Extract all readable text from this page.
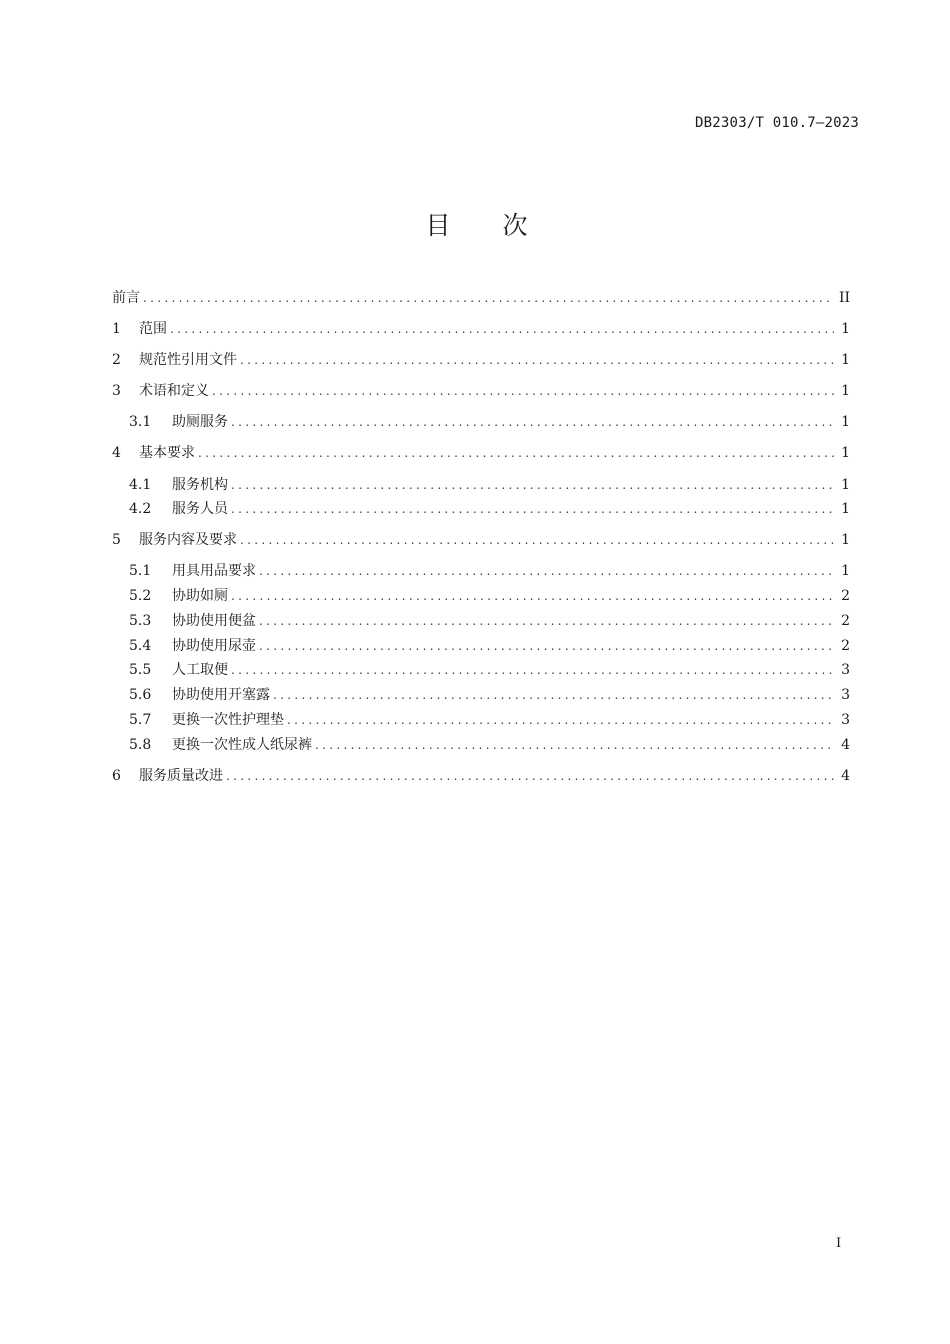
DB2303/T 010.7—2023
目 次
前言 .....	II
1	范围 .....	1
2	规范性引用文件 .....	1
3	术语和定义 .....	1
3.1	助厕服务 .....	1
4	基本要求 .....	1
4.1	服务机构 .....	1
4.2	服务人员 .....	1
5	服务内容及要求 .....	1
5.1	用具用品要求 .....	1
5.2	协助如厕 .....	2
5.3	协助使用便盆 .....	2
5.4	协助使用尿壶 .....	2
5.5	人工取便 .....	3
5.6	协助使用开塞露 .....	3
5.7	更换一次性护理垫 .....	3
5.8	更换一次性成人纸尿裤 .....	4
6	服务质量改进 .....	4
I
